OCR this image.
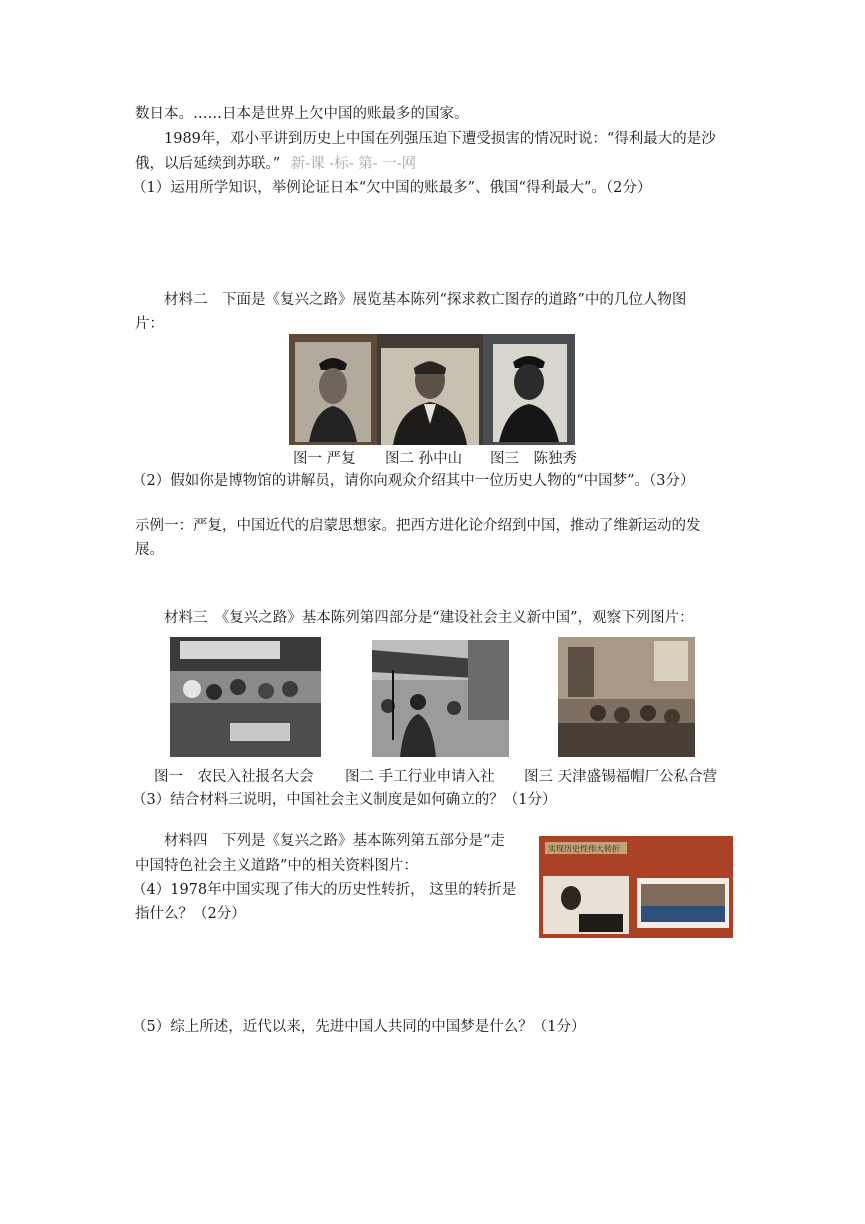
数日本。……日本是世界上欠中国的账最多的国家。
1989年，邓小平讲到历史上中国在列强压迫下遭受损害的情况时说：“得利最大的是沙
俄，以后延续到苏联。” 新-课 -标- 第- 一-网
（1）运用所学知识，举例论证日本“欠中国的账最多”、俄国“得利最大”。（2分）
材料二　下面是《复兴之路》展览基本陈列“探求救亡图存的道路”中的几位人物图
片：
图一 严复 图二 孙中山 图三　陈独秀
（2）假如你是博物馆的讲解员，请你向观众介绍其中一位历史人物的“中国梦”。（3分）
示例一：严复，中国近代的启蒙思想家。把西方进化论介绍到中国，推动了维新运动的发
展。
材料三　《复兴之路》基本陈列第四部分是“建设社会主义新中国”，观察下列图片：
图一　农民入社报名大会 图二 手工行业申请入社 图三 天津盛锡福帽厂公私合营
（3）结合材料三说明，中国社会主义制度是如何确立的？（1分）
材料四　下列是《复兴之路》基本陈列第五部分是“走
中国特色社会主义道路”中的相关资料图片：
（4）1978年中国实现了伟大的历史性转折， 这里的转折是
指什么？（2分）
实现历史性伟大转折
（5）综上所述，近代以来，先进中国人共同的中国梦是什么？（1分）
